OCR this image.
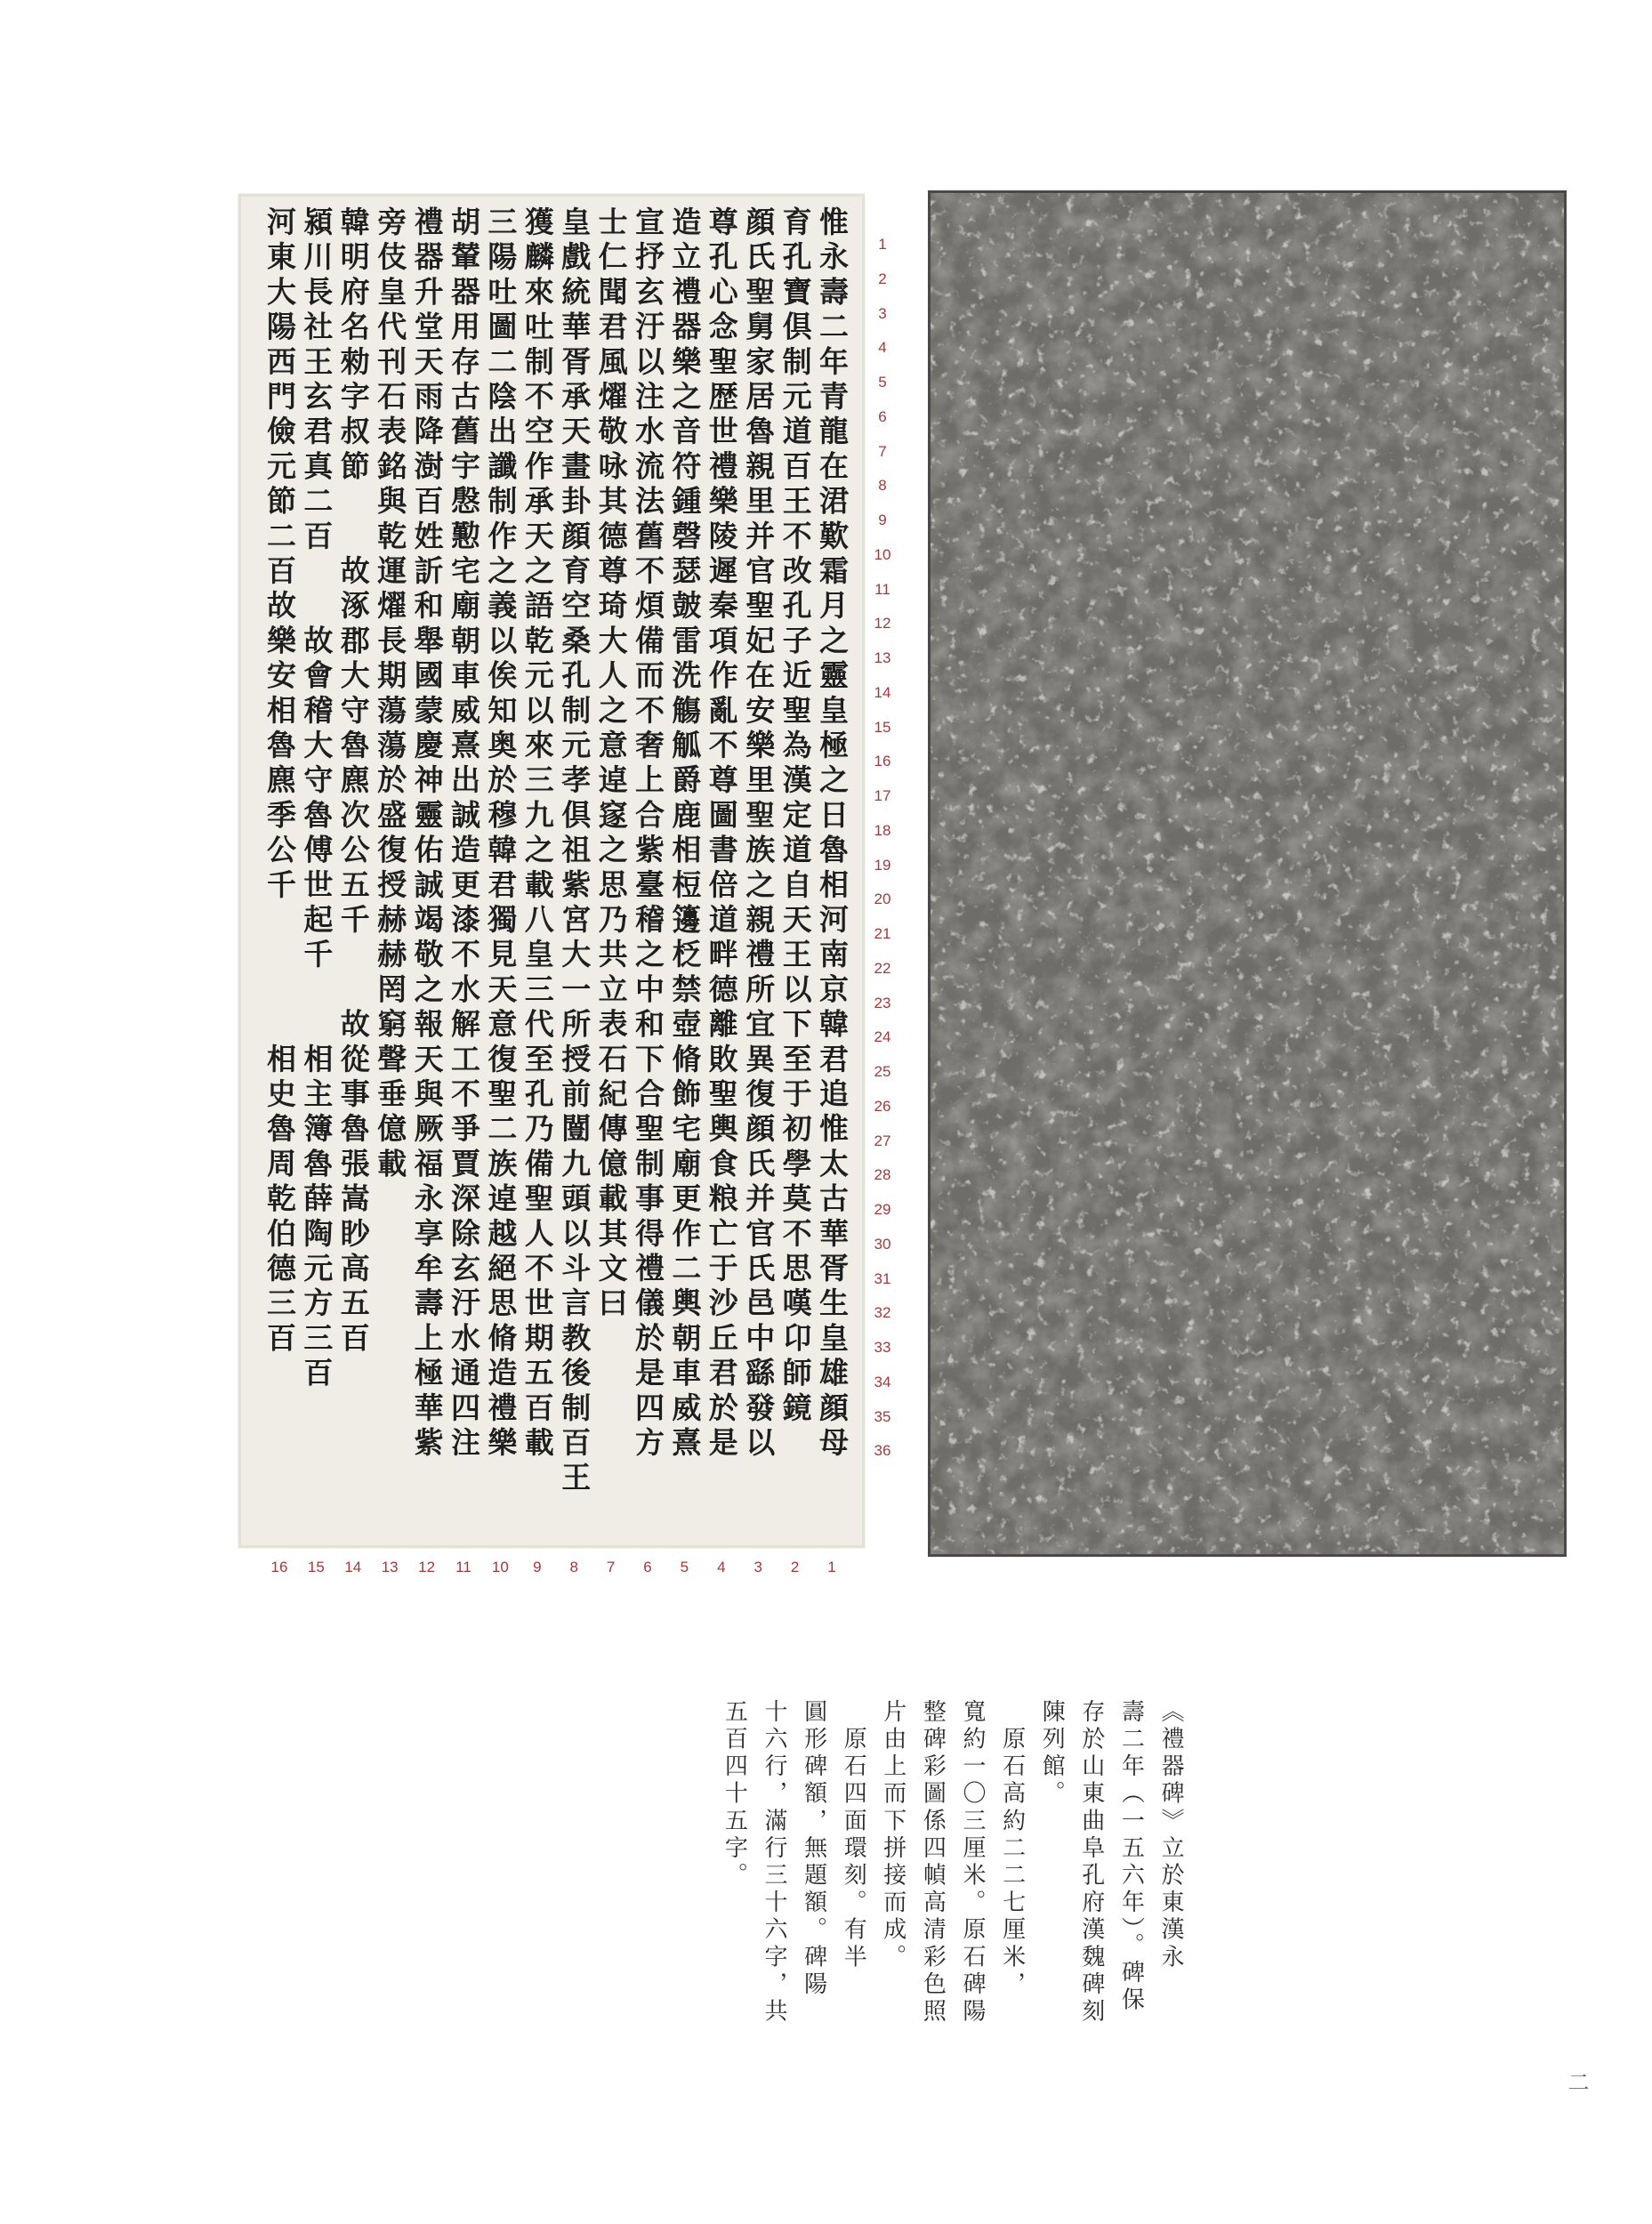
惟永壽二年青龍在涒歎霜月之靈皇極之日魯相河南京韓君追惟太古華胥生皇雄顔母
育孔寶倶制元道百王不改孔子近聖為漢定道自天王以下至于初學莫不思嘆卬師鏡
顔氏聖舅家居魯親里并官聖妃在安樂里聖族之親禮所宜異復顔氏并官氏邑中繇發以
尊孔心念聖歴世禮樂陵遲秦項作亂不尊圖書倍道畔德離敗聖輿食粮亡于沙丘君於是
造立禮器樂之音符鍾磬瑟皷雷洗觴觚爵鹿相梪籩柉禁壺脩飾宅廟更作二輿朝車威熹
宣抒玄汙以注水流法舊不煩備而不奢上合紫臺稽之中和下合聖制事得禮儀於是四方
士仁聞君風燿敬咏其德尊琦大人之意逴䆳之思乃共立表石紀傳億載其文曰
皇戲統華胥承天畫卦顔育空桑孔制元孝倶祖紫宮大一所授前闓九頭以斗言教後制百王
獲麟來吐制不空作承天之語乾元以來三九之載八皇三代至孔乃備聖人不世期五百載
三陽吐圖二陰出讖制作之義以俟知奥於穆韓君獨見天意復聖二族逴越絕思脩造禮樂
胡輦器用存古舊宇慇懃宅廟朝車威熹出誠造更漆不水解工不爭賈深除玄汙水通四注
禮器升堂天雨降澍百姓訢和舉國蒙慶神靈佑誠竭敬之報天與厥福永享牟壽上極華紫
旁伎皇代刊石表銘與乾運燿長期蕩蕩於盛復授赫赫罔窮聲垂億載
韓明府名勑字叔節　　故涿郡大守魯麃次公五千　　故從事魯張嵩眇高五百
潁川長社王玄君真二百　　故會稽大守魯傅世起千　　相主簿魯薛陶元方三百
河東大陽西門儉元節二百故樂安相魯麃季公千　　　　相史魯周乾伯德三百	1
2
3
4
5
6
7
8
9
10
11
12
13
14
15
16
17
18
19
20
21
22
23
24
25
26
27
28
29
30
31
32
33
34
35
36
1
2
3
4
5
6
7
8
9
10
11
12
13
14
15
16
《禮器碑》立於東漢永
壽二年（一五六年）。碑保
存於山東曲阜孔府漢魏碑刻
陳列館。
　原石高約二二七厘米，
寬約一〇三厘米。原石碑陽
整碑彩圖係四幀高清彩色照
片由上而下拼接而成。
　原石四面環刻。有半
圓形碑額，無題額。碑陽
十六行，滿行三十六字，共
五百四十五字。
二
